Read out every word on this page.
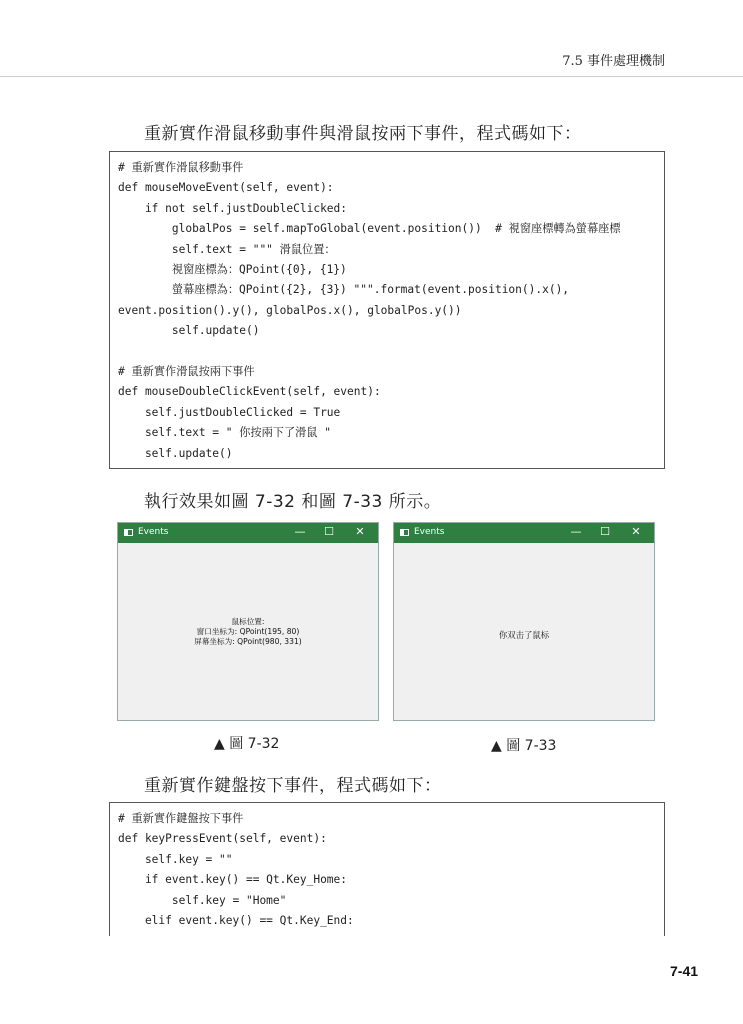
7.5 事件處理機制
重新實作滑鼠移動事件與滑鼠按兩下事件，程式碼如下：
# 重新實作滑鼠移動事件
def mouseMoveEvent(self, event):
if not self.justDoubleClicked:
globalPos = self.mapToGlobal(event.position())  # 視窗座標轉為螢幕座標
self.text = """ 滑鼠位置：
視窗座標為：QPoint({0}, {1})
螢幕座標為：QPoint({2}, {3}) """.format(event.position().x(),
event.position().y(), globalPos.x(), globalPos.y())
self.update()

# 重新實作滑鼠按兩下事件
def mouseDoubleClickEvent(self, event):
self.justDoubleClicked = True
self.text = " 你按兩下了滑鼠 "
self.update()
執行效果如圖 7-32 和圖 7-33 所示。
Events	—	☐	✕
鼠标位置:
窗口坐标为: QPoint(195, 80)
屏幕坐标为: QPoint(980, 331)
Events	—	☐	✕
你双击了鼠标
▲ 圖 7-32	▲ 圖 7-33
重新實作鍵盤按下事件，程式碼如下：
# 重新實作鍵盤按下事件
def keyPressEvent(self, event):
self.key = ""
if event.key() == Qt.Key_Home:
self.key = "Home"
elif event.key() == Qt.Key_End:
7-41
